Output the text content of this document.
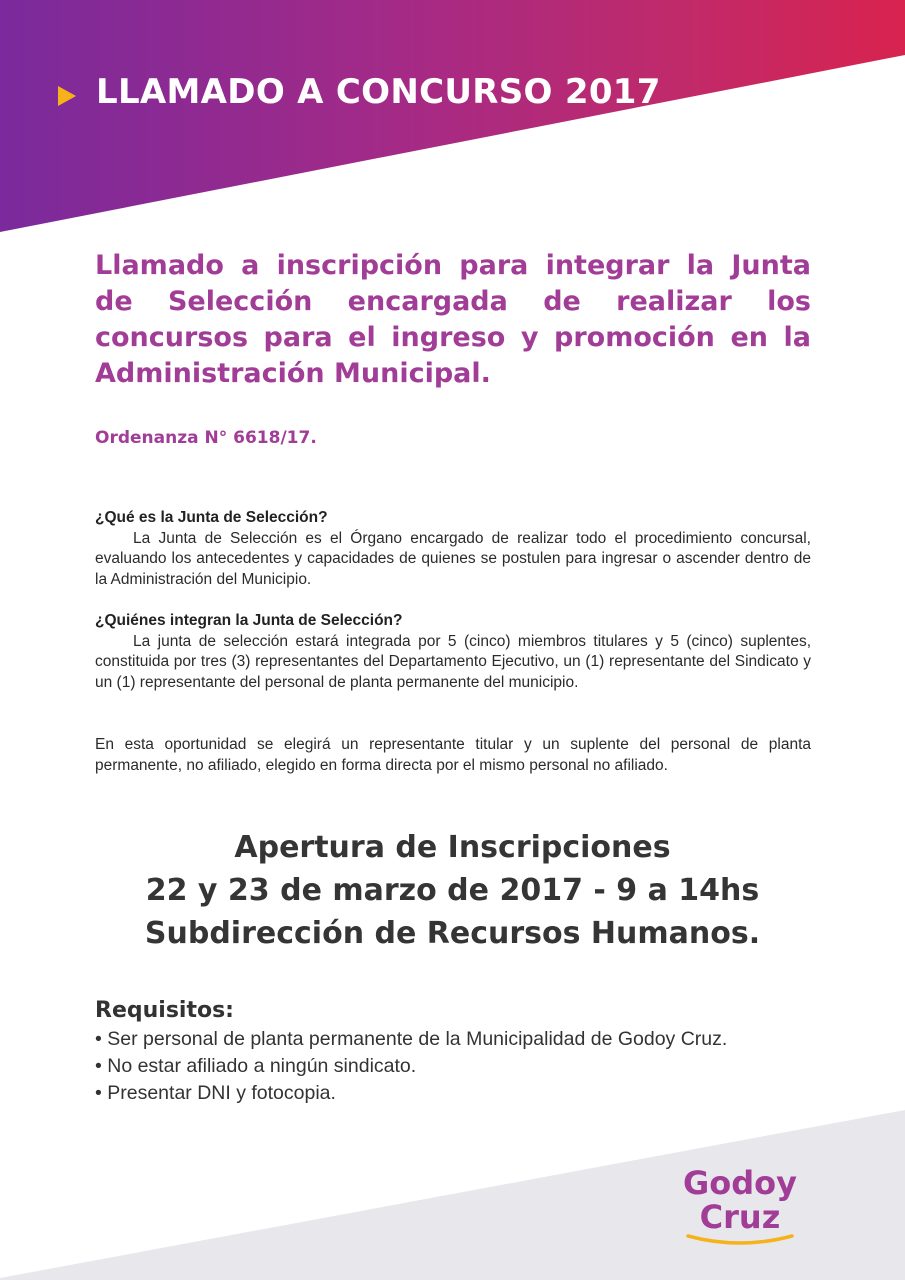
LLAMADO A CONCURSO 2017

Llamado a inscripción para integrar la Junta de Selección encargada de realizar los concursos para el ingreso y promoción en la Administración Municipal.

Ordenanza N° 6618/17.

¿Qué es la Junta de Selección?
La Junta de Selección es el Órgano encargado de realizar todo el procedimiento concursal, evaluando los antecedentes y capacidades de quienes se postulen para ingresar o ascender dentro de la Administración del Municipio.
¿Quiénes integran la Junta de Selección?
La junta de selección estará integrada por 5 (cinco) miembros titulares y 5 (cinco) suplentes, constituida por tres (3) representantes del Departamento Ejecutivo, un (1) representante del Sindicato y un (1) representante del personal de planta permanente del municipio.
En esta oportunidad se elegirá un representante titular y un suplente del personal de planta permanente, no afiliado, elegido en forma directa por el mismo personal no afiliado.
Apertura de Inscripciones
22 y 23 de marzo de 2017 - 9 a 14hs
Subdirección de Recursos Humanos.
Requisitos:
• Ser personal de planta permanente de la Municipalidad de Godoy Cruz.
• No estar afiliado a ningún sindicato.
• Presentar DNI y fotocopia.
Godoy
Cruz
